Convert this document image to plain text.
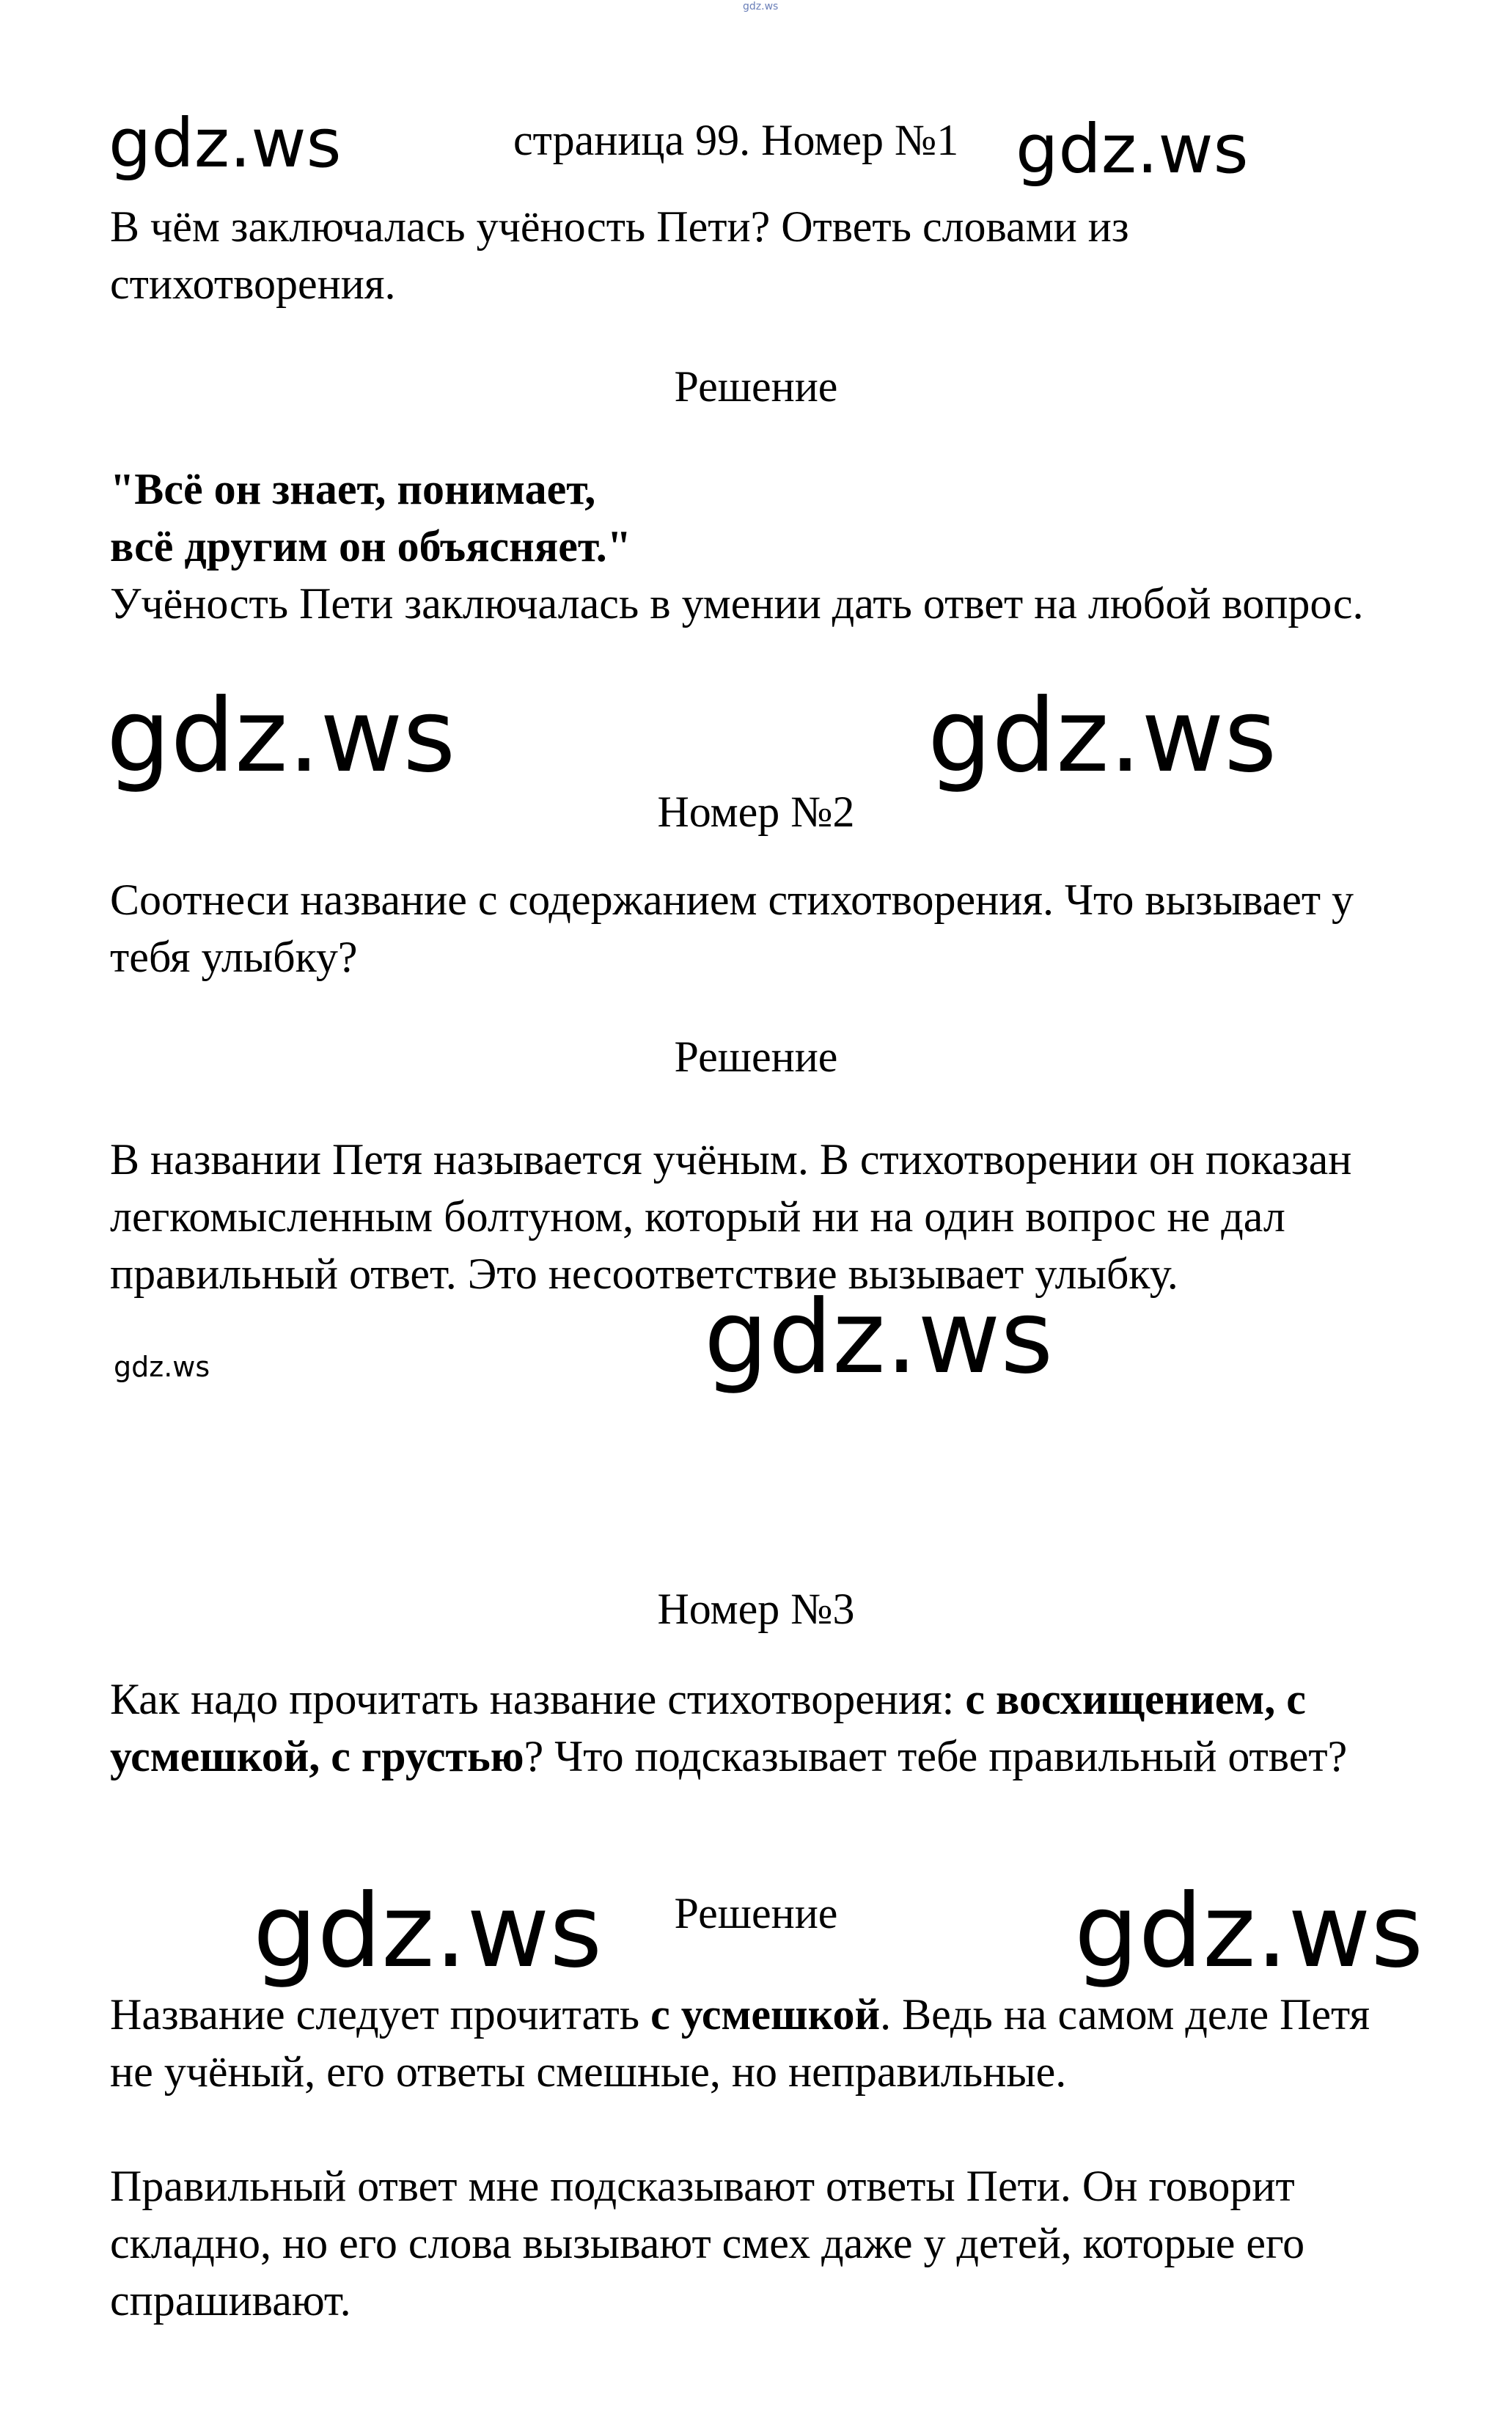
gdz.ws
gdz.ws	страница 99. Номер №1 gdz.ws
В чём заключалась учёность Пети? Ответь словами из стихотворения.
Решение
"Всё он знает, понимает,
всё другим он объясняет."
Учёность Пети заключалась в умении дать ответ на любой вопрос.
gdz.ws	gdz.ws
Номер №2
Соотнеси название с содержанием стихотворения. Что вызывает у тебя улыбку?
Решение
В названии Петя называется учёным. В стихотворении он показан легкомысленным болтуном, который ни на один вопрос не дал правильный ответ. Это несоответствие вызывает улыбку.
gdz.ws
gdz.ws
Номер №3
Как надо прочитать название стихотворения: с восхищением, с усмешкой, с грустью? Что подсказывает тебе правильный ответ?
gdz.ws	Решение	gdz.ws
Название следует прочитать с усмешкой. Ведь на самом деле Петя не учёный, его ответы смешные, но неправильные.
Правильный ответ мне подсказывают ответы Пети. Он говорит складно, но его слова вызывают смех даже у детей, которые его спрашивают.
